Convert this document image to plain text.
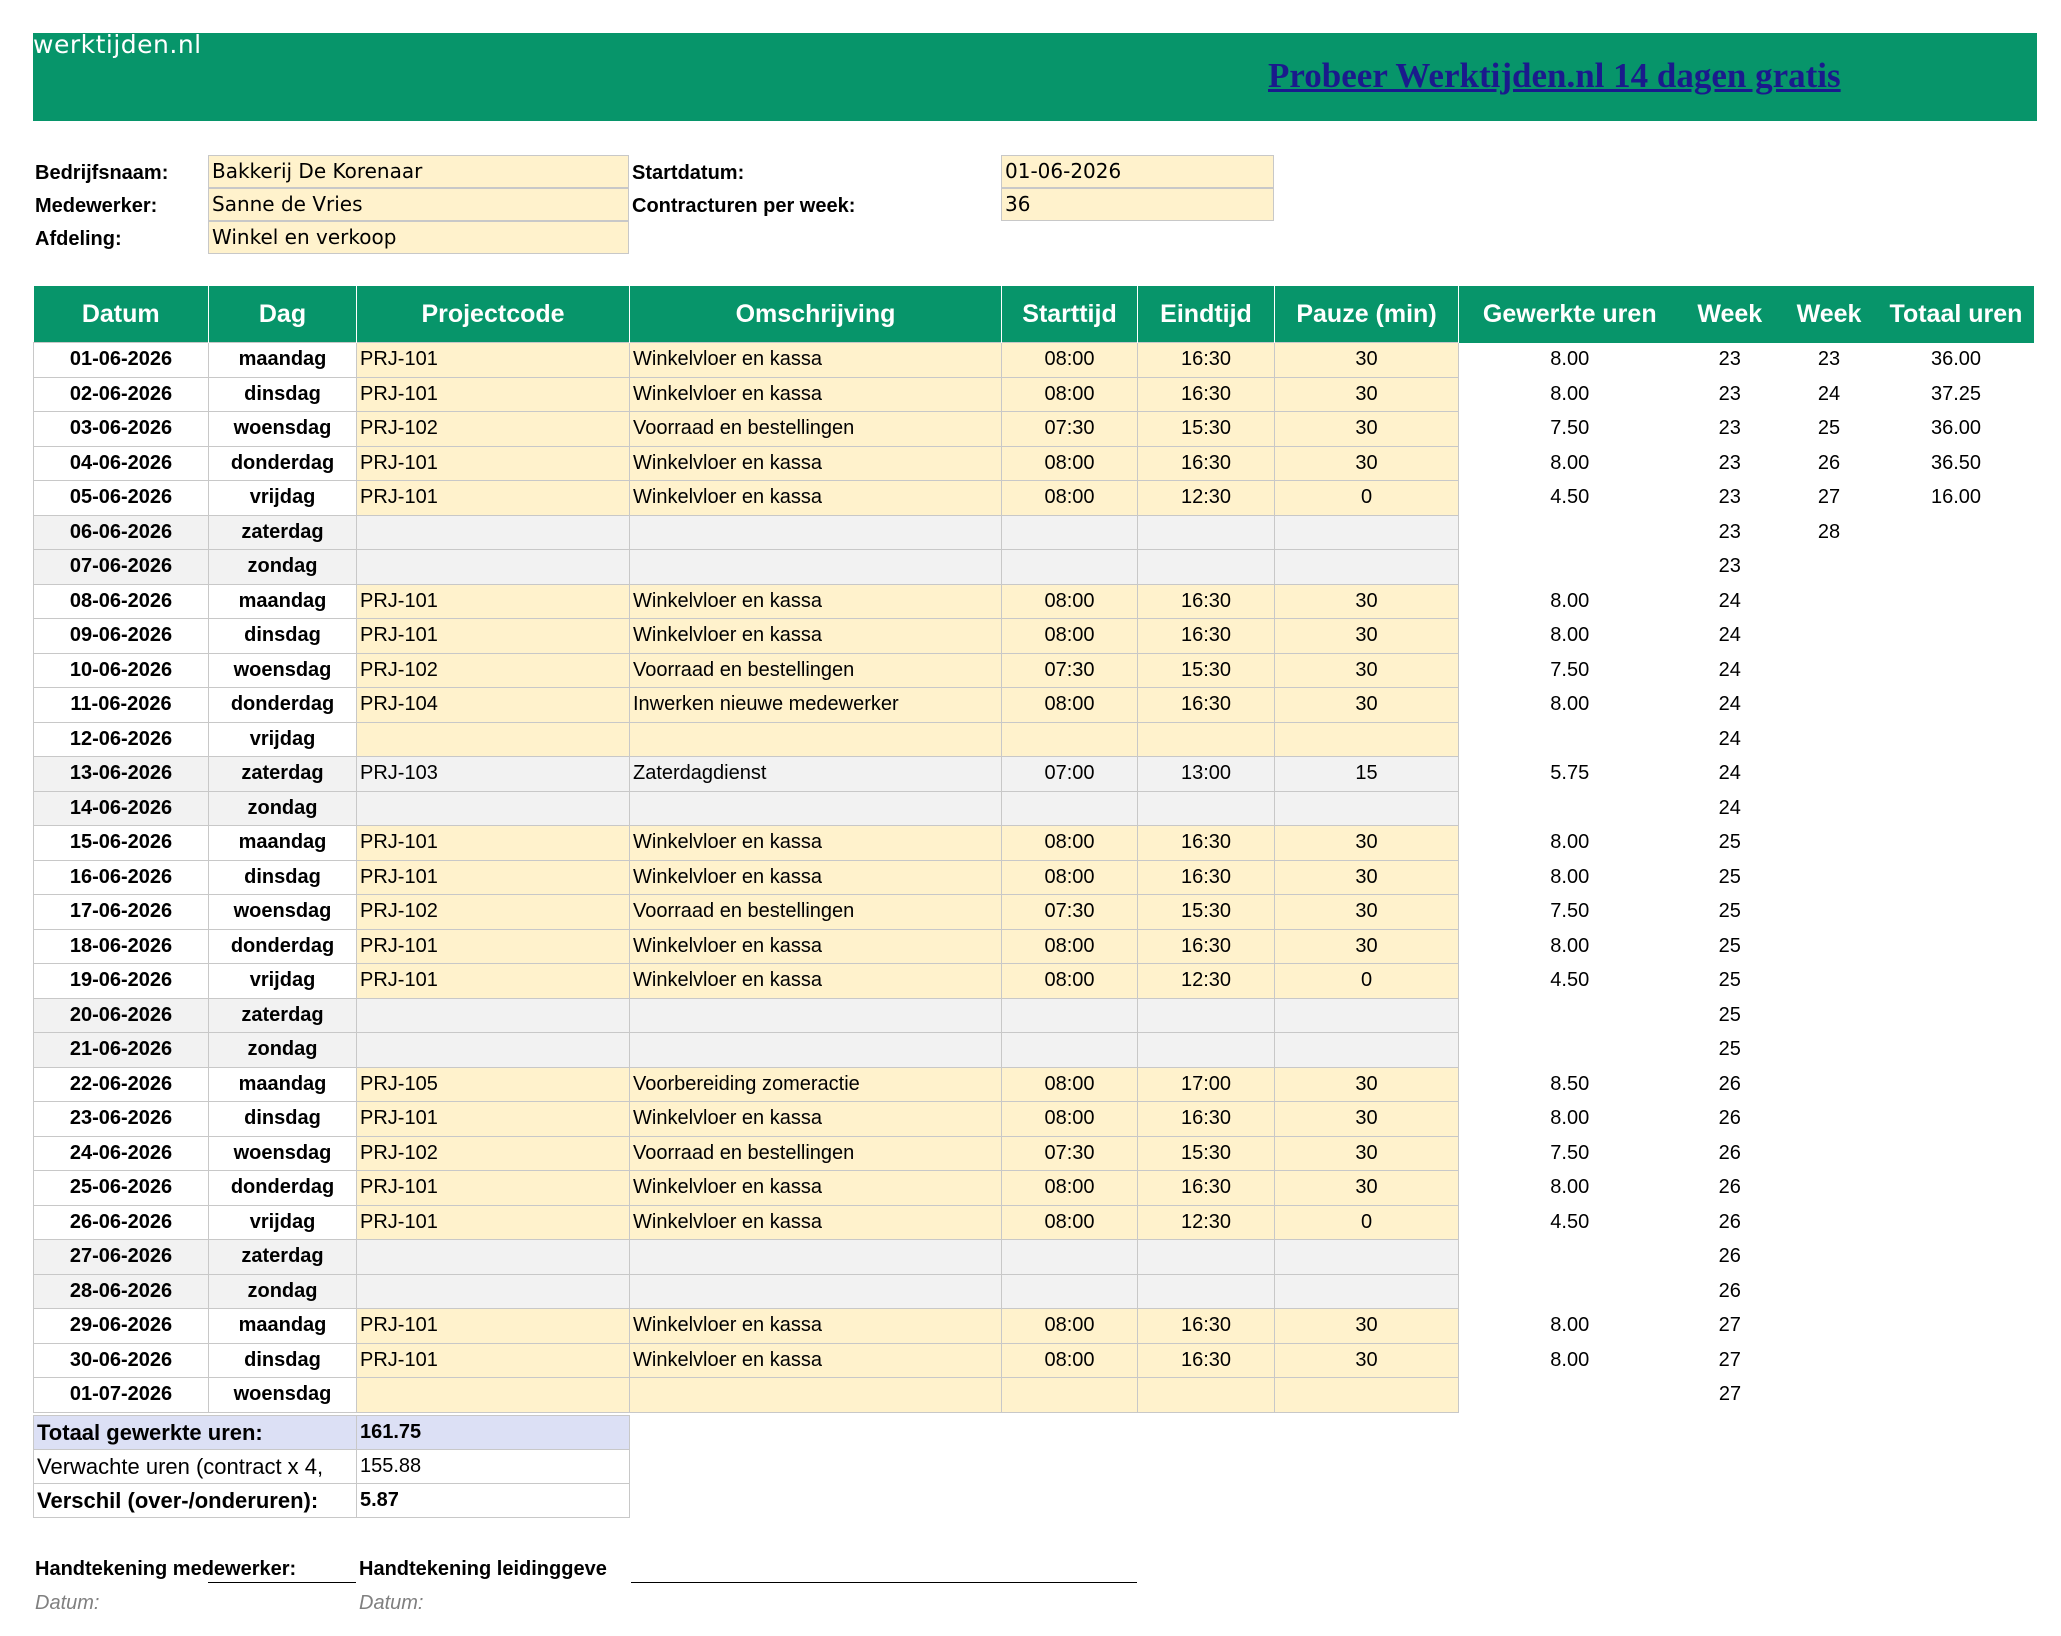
werktijden.nl
Probeer Werktijden.nl 14 dagen gratis
Bedrijfsnaam: Bakkerij De Korenaar
Medewerker:	Sanne de Vries
Afdeling:	Winkel en verkoop
Startdatum:	01-06-2026
Contracturen per week:	36
Datum	Dag	Projectcode	Omschrijving	Starttijd	Eindtijd	Pauze (min)	Gewerkte uren	Week	Week	Totaal uren
01-06-2026	maandag	PRJ-101	Winkelvloer en kassa	08:00	16:30	30	8.00	23	23	36.00
02-06-2026	dinsdag	PRJ-101	Winkelvloer en kassa	08:00	16:30	30	8.00	23	24	37.25
03-06-2026	woensdag	PRJ-102	Voorraad en bestellingen	07:30	15:30	30	7.50	23	25	36.00
04-06-2026	donderdag	PRJ-101	Winkelvloer en kassa	08:00	16:30	30	8.00	23	26	36.50
05-06-2026	vrijdag	PRJ-101	Winkelvloer en kassa	08:00	12:30	0	4.50	23	27	16.00
06-06-2026	zaterdag							23	28	
07-06-2026	zondag							23		
08-06-2026	maandag	PRJ-101	Winkelvloer en kassa	08:00	16:30	30	8.00	24		
09-06-2026	dinsdag	PRJ-101	Winkelvloer en kassa	08:00	16:30	30	8.00	24		
10-06-2026	woensdag	PRJ-102	Voorraad en bestellingen	07:30	15:30	30	7.50	24		
11-06-2026	donderdag	PRJ-104	Inwerken nieuwe medewerker	08:00	16:30	30	8.00	24		
12-06-2026	vrijdag							24		
13-06-2026	zaterdag	PRJ-103	Zaterdagdienst	07:00	13:00	15	5.75	24		
14-06-2026	zondag							24		
15-06-2026	maandag	PRJ-101	Winkelvloer en kassa	08:00	16:30	30	8.00	25		
16-06-2026	dinsdag	PRJ-101	Winkelvloer en kassa	08:00	16:30	30	8.00	25		
17-06-2026	woensdag	PRJ-102	Voorraad en bestellingen	07:30	15:30	30	7.50	25		
18-06-2026	donderdag	PRJ-101	Winkelvloer en kassa	08:00	16:30	30	8.00	25		
19-06-2026	vrijdag	PRJ-101	Winkelvloer en kassa	08:00	12:30	0	4.50	25		
20-06-2026	zaterdag							25		
21-06-2026	zondag							25		
22-06-2026	maandag	PRJ-105	Voorbereiding zomeractie	08:00	17:00	30	8.50	26		
23-06-2026	dinsdag	PRJ-101	Winkelvloer en kassa	08:00	16:30	30	8.00	26		
24-06-2026	woensdag	PRJ-102	Voorraad en bestellingen	07:30	15:30	30	7.50	26		
25-06-2026	donderdag	PRJ-101	Winkelvloer en kassa	08:00	16:30	30	8.00	26		
26-06-2026	vrijdag	PRJ-101	Winkelvloer en kassa	08:00	12:30	0	4.50	26		
27-06-2026	zaterdag							26		
28-06-2026	zondag							26		
29-06-2026	maandag	PRJ-101	Winkelvloer en kassa	08:00	16:30	30	8.00	27		
30-06-2026	dinsdag	PRJ-101	Winkelvloer en kassa	08:00	16:30	30	8.00	27		
01-07-2026	woensdag							27		
Totaal gewerkte uren:	161.75
Verwachte uren (contract x 4,	155.88
Verschil (over-/onderuren):	5.87
Handtekening medewerker:	Handtekening leidinggeve
Datum:	Datum:
